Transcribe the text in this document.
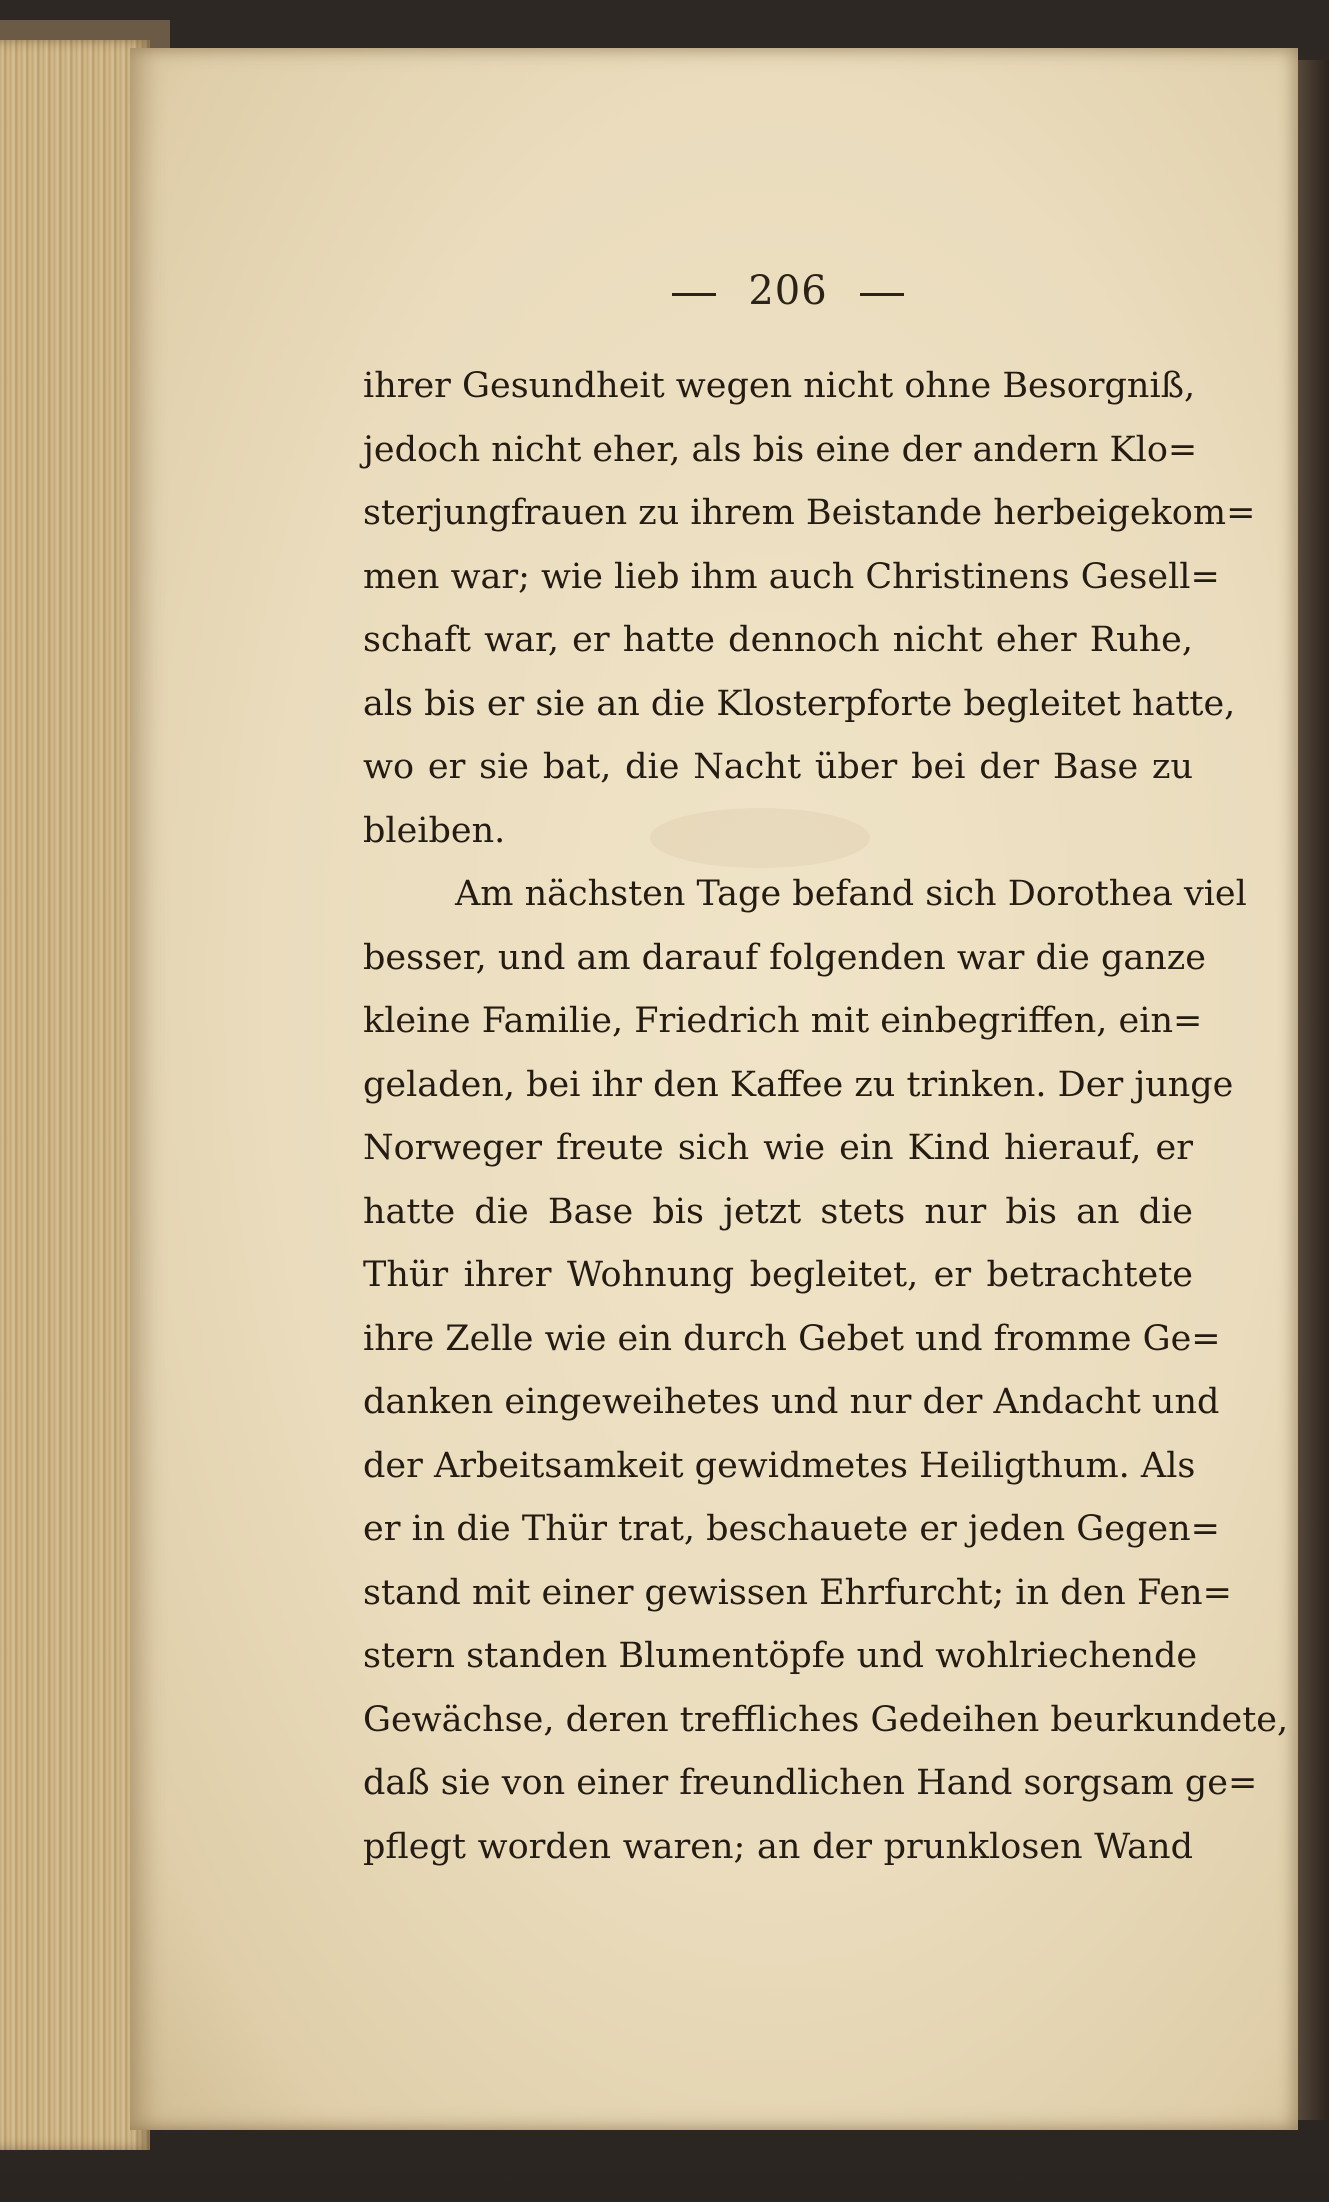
206
ihrer Gesundheit wegen nicht ohne Besorgniß,
jedoch nicht eher, als bis eine der andern Klo=
sterjungfrauen zu ihrem Beistande herbeigekom=
men war; wie lieb ihm auch Christinens Gesell=
schaft war, er hatte dennoch nicht eher Ruhe,
als bis er sie an die Klosterpforte begleitet hatte,
wo er sie bat, die Nacht über bei der Base zu
bleiben.
Am nächsten Tage befand sich Dorothea viel
besser, und am darauf folgenden war die ganze
kleine Familie, Friedrich mit einbegriffen, ein=
geladen, bei ihr den Kaffee zu trinken. Der junge
Norweger freute sich wie ein Kind hierauf, er
hatte die Base bis jetzt stets nur bis an die
Thür ihrer Wohnung begleitet, er betrachtete
ihre Zelle wie ein durch Gebet und fromme Ge=
danken eingeweihetes und nur der Andacht und
der Arbeitsamkeit gewidmetes Heiligthum. Als
er in die Thür trat, beschauete er jeden Gegen=
stand mit einer gewissen Ehrfurcht; in den Fen=
stern standen Blumentöpfe und wohlriechende
Gewächse, deren treffliches Gedeihen beurkundete,
daß sie von einer freundlichen Hand sorgsam ge=
pflegt worden waren; an der prunklosen Wand
